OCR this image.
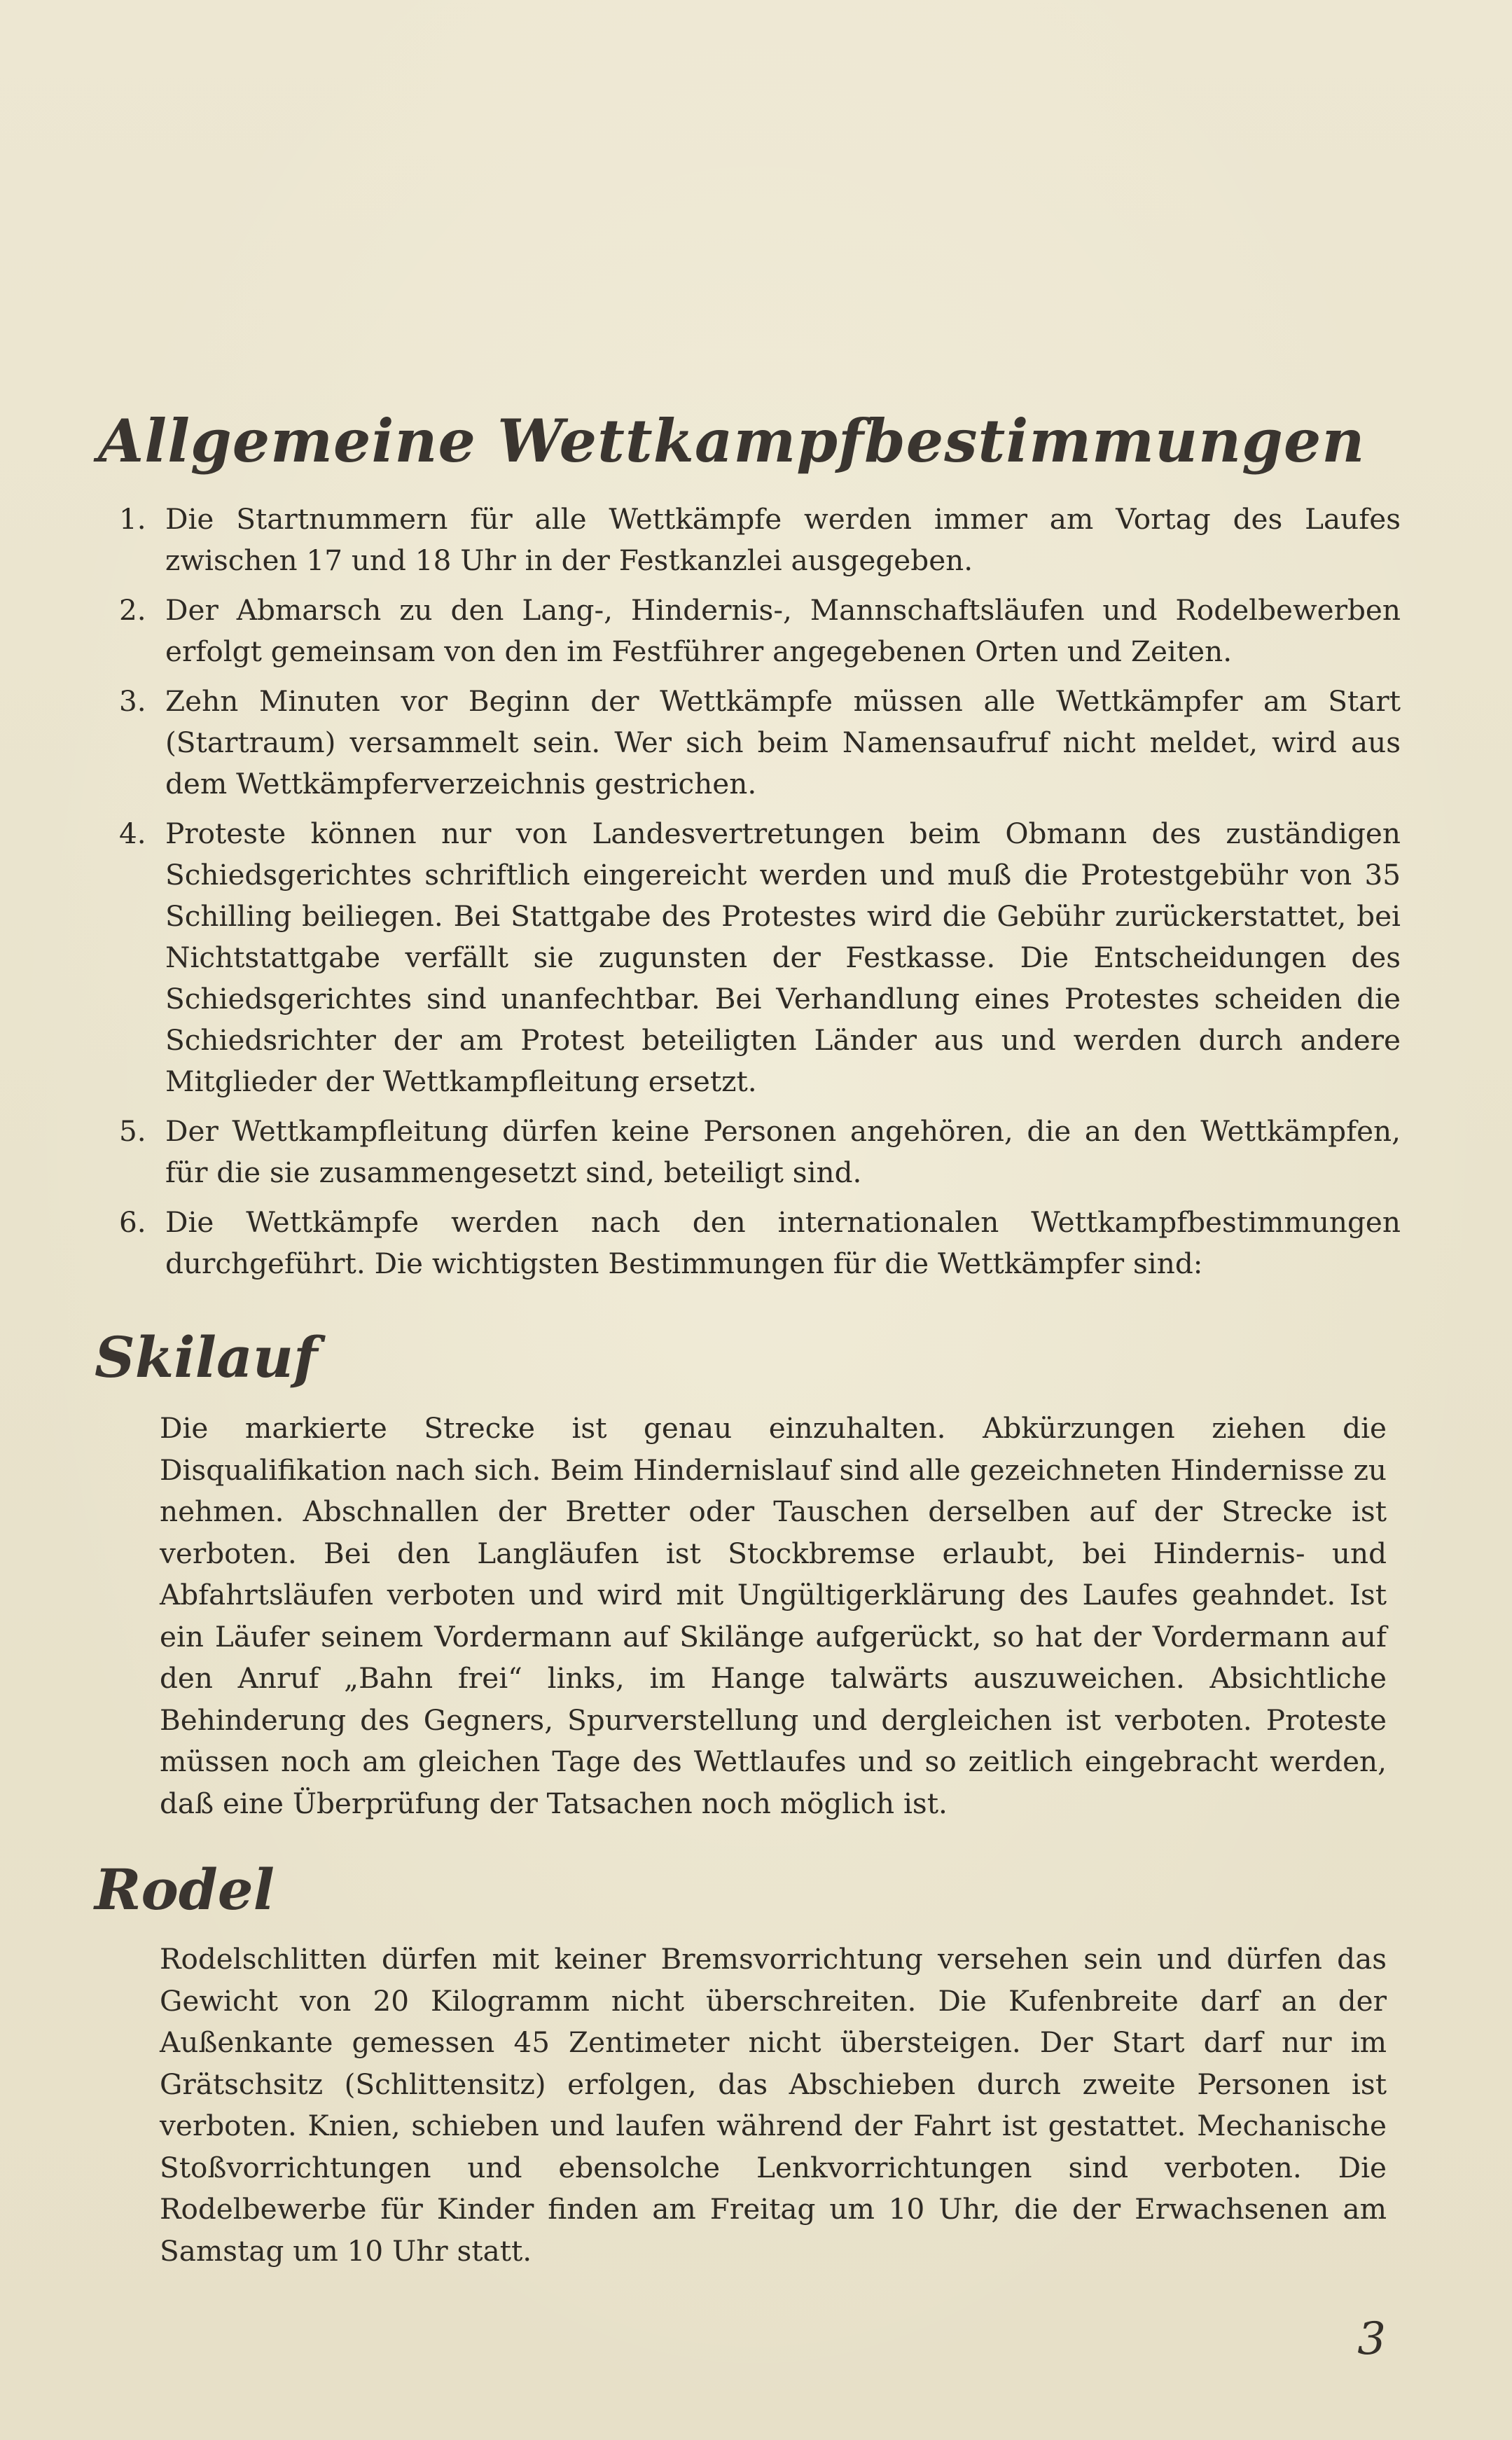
Allgemeine Wettkampfbestimmungen
1. Die Startnummern für alle Wettkämpfe werden immer am Vortag des Laufes zwischen 17 und 18 Uhr in der Festkanzlei ausgegeben.
2. Der Abmarsch zu den Lang-, Hindernis-, Mannschaftsläufen und Rodelbewerben erfolgt gemeinsam von den im Festführer angegebenen Orten und Zeiten.
3. Zehn Minuten vor Beginn der Wettkämpfe müssen alle Wettkämpfer am Start (Startraum) versammelt sein. Wer sich beim Namensaufruf nicht meldet, wird aus dem Wettkämpferverzeichnis gestrichen.
4. Proteste können nur von Landesvertretungen beim Obmann des zuständigen Schiedsgerichtes schriftlich eingereicht werden und muß die Protestgebühr von 35 Schilling beiliegen. Bei Stattgabe des Protestes wird die Gebühr zurückerstattet, bei Nichtstattgabe verfällt sie zugunsten der Festkasse. Die Entscheidungen des Schiedsgerichtes sind unanfechtbar. Bei Verhandlung eines Protestes scheiden die Schiedsrichter der am Protest beteiligten Länder aus und werden durch andere Mitglieder der Wettkampfleitung ersetzt.
5. Der Wettkampfleitung dürfen keine Personen angehören, die an den Wettkämpfen, für die sie zusammengesetzt sind, beteiligt sind.
6. Die Wettkämpfe werden nach den internationalen Wettkampfbestimmungen durchgeführt. Die wichtigsten Bestimmungen für die Wettkämpfer sind:
Skilauf

Die markierte Strecke ist genau einzuhalten. Abkürzungen ziehen die Disqualifikation nach sich. Beim Hindernislauf sind alle gezeichneten Hindernisse zu nehmen. Abschnallen der Bretter oder Tauschen derselben auf der Strecke ist verboten. Bei den Langläufen ist Stockbremse erlaubt, bei Hindernis- und Abfahrtsläufen verboten und wird mit Ungültigerklärung des Laufes geahndet. Ist ein Läufer seinem Vordermann auf Skilänge aufgerückt, so hat der Vordermann auf den Anruf „Bahn frei“ links, im Hange talwärts auszuweichen. Absichtliche Behinderung des Gegners, Spurverstellung und dergleichen ist verboten. Proteste müssen noch am gleichen Tage des Wettlaufes und so zeitlich eingebracht werden, daß eine Überprüfung der Tatsachen noch möglich ist.

Rodel

Rodelschlitten dürfen mit keiner Bremsvorrichtung versehen sein und dürfen das Gewicht von 20 Kilogramm nicht überschreiten. Die Kufenbreite darf an der Außenkante gemessen 45 Zentimeter nicht übersteigen. Der Start darf nur im Grätschsitz (Schlittensitz) erfolgen, das Abschieben durch zweite Personen ist verboten. Knien, schieben und laufen während der Fahrt ist gestattet. Mechanische Stoßvorrichtungen und ebensolche Lenkvorrichtungen sind verboten. Die Rodelbewerbe für Kinder finden am Freitag um 10 Uhr, die der Erwachsenen am Samstag um 10 Uhr statt.

3
